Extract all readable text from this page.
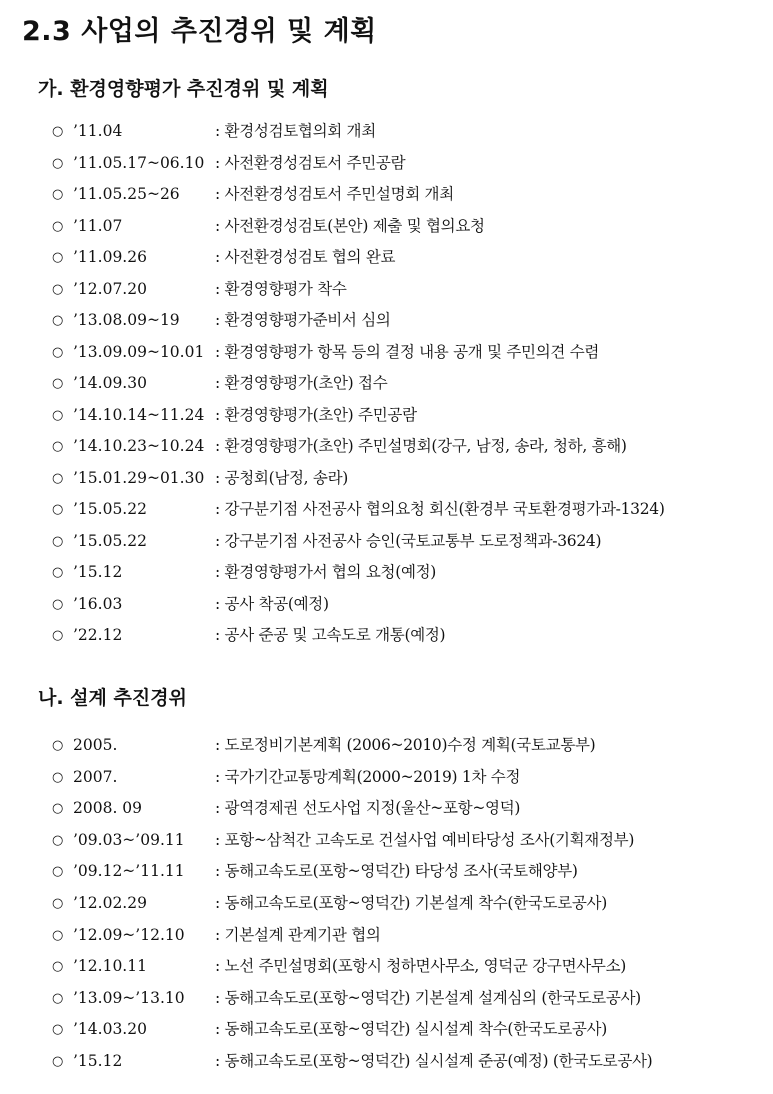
2.3 사업의 추진경위 및 계획
가. 환경영향평가 추진경위 및 계획
○ ’11.04	: 환경성검토협의회 개최
○ ’11.05.17~06.10 : 사전환경성검토서 주민공람
○ ’11.05.25~26 : 사전환경성검토서 주민설명회 개최
○ ’11.07	: 사전환경성검토(본안) 제출 및 협의요청
○ ’11.09.26	: 사전환경성검토 협의 완료
○ ’12.07.20	: 환경영향평가 착수
○ ’13.08.09~19 : 환경영향평가준비서 심의
○ ’13.09.09~10.01 : 환경영향평가 항목 등의 결정 내용 공개 및 주민의견 수렴
○ ’14.09.30	: 환경영향평가(초안) 접수
○ ’14.10.14~11.24 : 환경영향평가(초안) 주민공람
○ ’14.10.23~10.24 : 환경영향평가(초안) 주민설명회(강구, 남정, 송라, 청하, 흥해)
○ ’15.01.29~01.30 : 공청회(남정, 송라)
○ ’15.05.22	: 강구분기점 사전공사 협의요청 회신(환경부 국토환경평가과-1324)
○ ’15.05.22	: 강구분기점 사전공사 승인(국토교통부 도로정책과-3624)
○ ’15.12	: 환경영향평가서 협의 요청(예정)
○ ’16.03	: 공사 착공(예정)
○ ’22.12	: 공사 준공 및 고속도로 개통(예정)
나. 설계 추진경위
○ 2005.	: 도로정비기본계획 (2006~2010)수정 계획(국토교통부)
○ 2007.	: 국가기간교통망계획(2000~2019) 1차 수정
○ 2008. 09	: 광역경제권 선도사업 지정(울산~포항~영덕)
○ ’09.03~’09.11 : 포항~삼척간 고속도로 건설사업 예비타당성 조사(기획재정부)
○ ’09.12~’11.11 : 동해고속도로(포항~영덕간) 타당성 조사(국토해양부)
○ ’12.02.29	: 동해고속도로(포항~영덕간) 기본설계 착수(한국도로공사)
○ ’12.09~’12.10 : 기본설계 관계기관 협의
○ ’12.10.11	: 노선 주민설명회(포항시 청하면사무소, 영덕군 강구면사무소)
○ ’13.09~’13.10 : 동해고속도로(포항~영덕간) 기본설계 설계심의 (한국도로공사)
○ ’14.03.20	: 동해고속도로(포항~영덕간) 실시설계 착수(한국도로공사)
○ ’15.12	: 동해고속도로(포항~영덕간) 실시설계 준공(예정) (한국도로공사)
